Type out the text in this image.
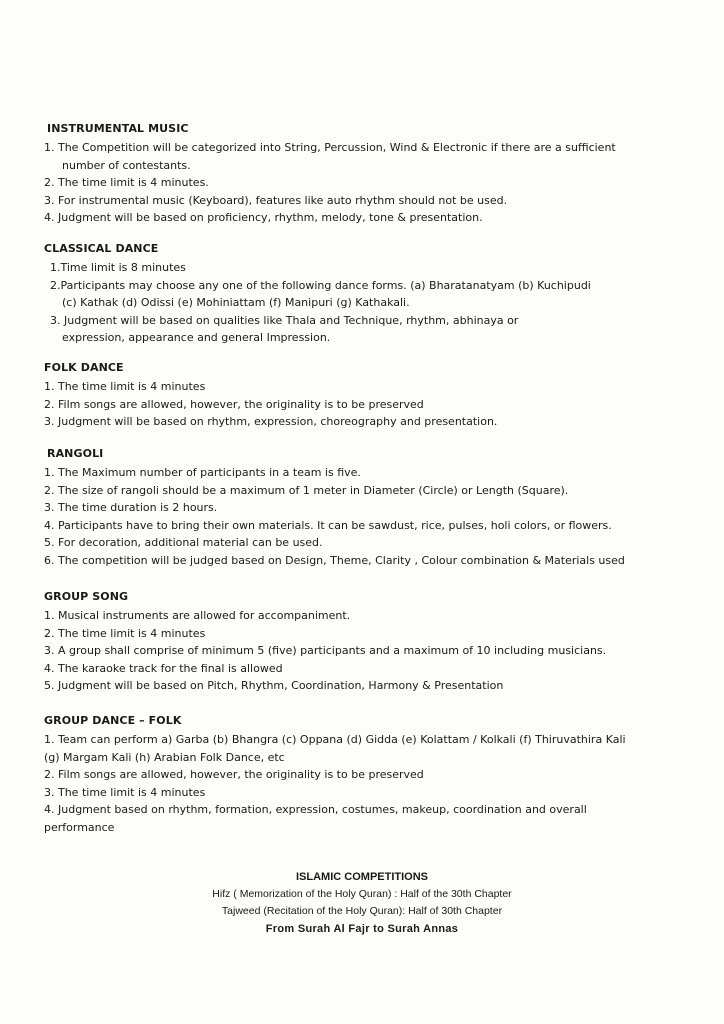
INSTRUMENTAL MUSIC
1. The Competition will be categorized into String, Percussion, Wind & Electronic if there are a sufficient
number of contestants.
2. The time limit is 4 minutes.
3. For instrumental music (Keyboard), features like auto rhythm should not be used.
4. Judgment will be based on proficiency, rhythm, melody, tone & presentation.
CLASSICAL DANCE
1.Time limit is 8 minutes
2.Participants may choose any one of the following dance forms. (a) Bharatanatyam (b) Kuchipudi
(c) Kathak (d) Odissi (e) Mohiniattam (f) Manipuri (g) Kathakali.
3. Judgment will be based on qualities like Thala and Technique, rhythm, abhinaya or
expression, appearance and general Impression.
FOLK DANCE
1. The time limit is 4 minutes
2. Film songs are allowed, however, the originality is to be preserved
3. Judgment will be based on rhythm, expression, choreography and presentation.
RANGOLI
1. The Maximum number of participants in a team is five.
2. The size of rangoli should be a maximum of 1 meter in Diameter (Circle) or Length (Square).
3. The time duration is 2 hours.
4. Participants have to bring their own materials. It can be sawdust, rice, pulses, holi colors, or flowers.
5. For decoration, additional material can be used.
6. The competition will be judged based on Design, Theme, Clarity , Colour combination & Materials used
GROUP SONG
1. Musical instruments are allowed for accompaniment.
2. The time limit is 4 minutes
3. A group shall comprise of minimum 5 (five) participants and a maximum of 10 including musicians.
4. The karaoke track for the final is allowed
5. Judgment will be based on Pitch, Rhythm, Coordination, Harmony & Presentation
GROUP DANCE – FOLK
1. Team can perform a) Garba (b) Bhangra (c) Oppana (d) Gidda (e) Kolattam / Kolkali (f) Thiruvathira Kali
(g) Margam Kali (h) Arabian Folk Dance, etc
2. Film songs are allowed, however, the originality is to be preserved
3. The time limit is 4 minutes
4. Judgment based on rhythm, formation, expression, costumes, makeup, coordination and overall
performance
ISLAMIC COMPETITIONS
Hifz ( Memorization of the Holy Quran) : Half of the 30th Chapter
Tajweed (Recitation of the Holy Quran): Half of 30th Chapter
From Surah Al Fajr to Surah Annas
